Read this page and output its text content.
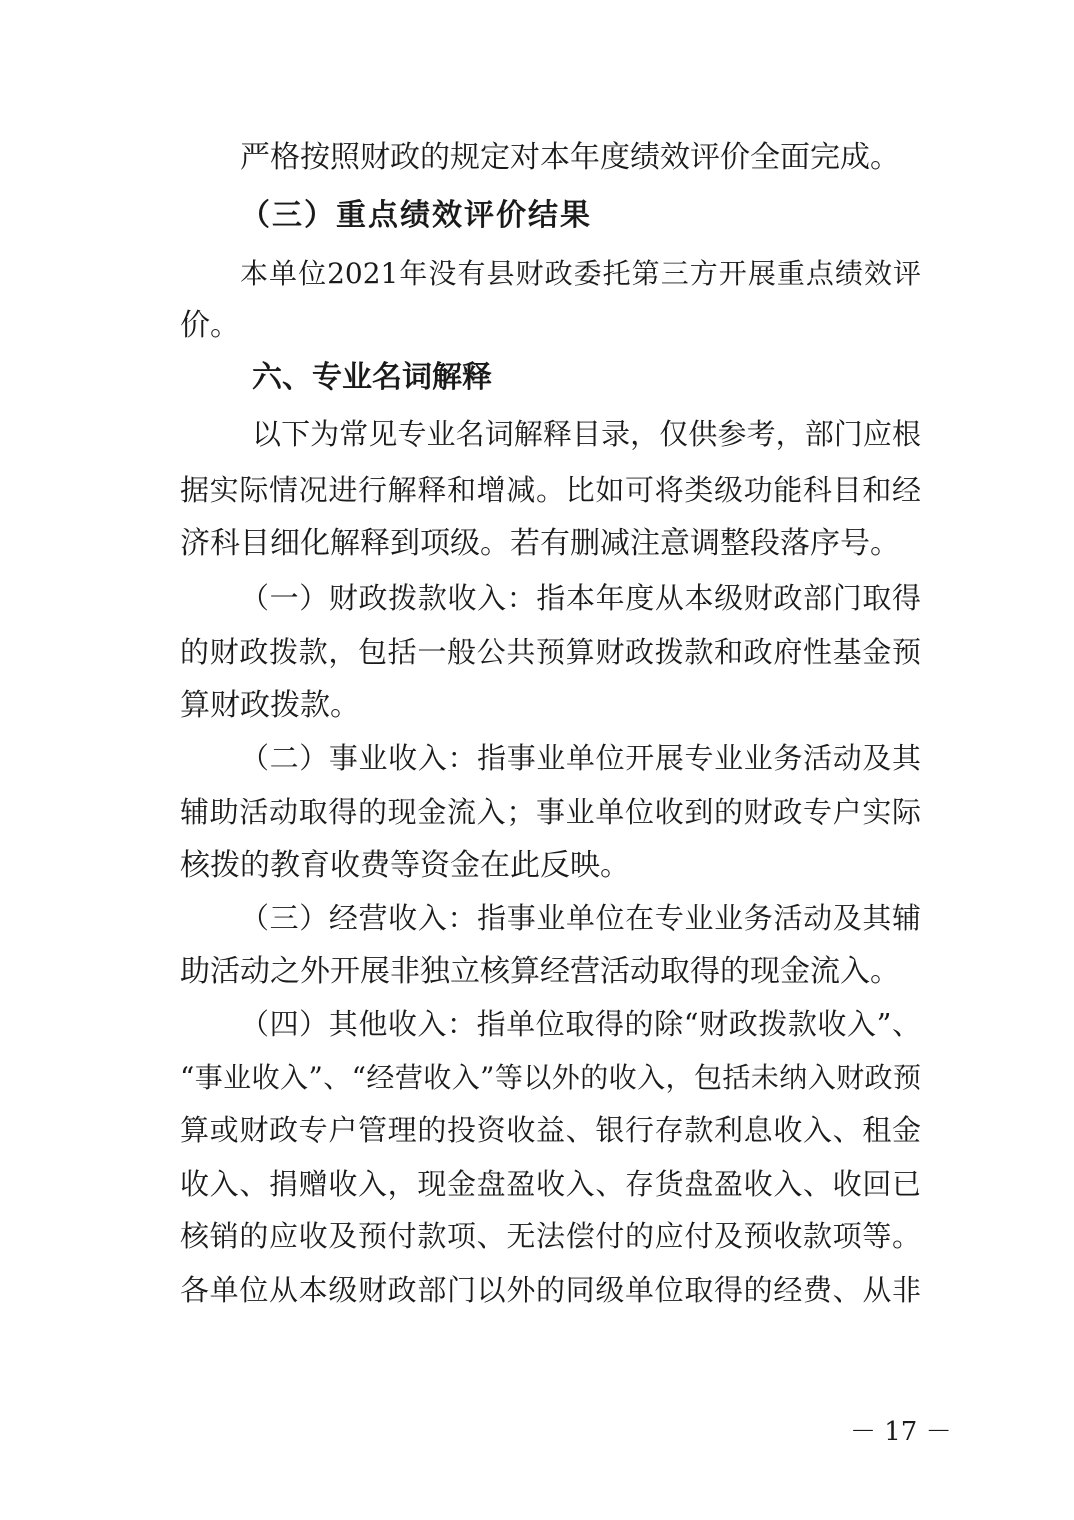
严格按照财政的规定对本年度绩效评价全面完成。

（三）重点绩效评价结果

本单位2021年没有县财政委托第三方开展重点绩效评

价。

六、专业名词解释

以下为常见专业名词解释目录，仅供参考，部门应根

据实际情况进行解释和增减。比如可将类级功能科目和经

济科目细化解释到项级。若有删减注意调整段落序号。

（一）财政拨款收入：指本年度从本级财政部门取得

的财政拨款，包括一般公共预算财政拨款和政府性基金预

算财政拨款。

（二）事业收入：指事业单位开展专业业务活动及其

辅助活动取得的现金流入；事业单位收到的财政专户实际

核拨的教育收费等资金在此反映。

（三）经营收入：指事业单位在专业业务活动及其辅

助活动之外开展非独立核算经营活动取得的现金流入。

（四）其他收入：指单位取得的除“财政拨款收入”、

“事业收入”、“经营收入”等以外的收入，包括未纳入财政预

算或财政专户管理的投资收益、银行存款利息收入、租金

收入、捐赠收入，现金盘盈收入、存货盘盈收入、收回已

核销的应收及预付款项、无法偿付的应付及预收款项等。

各单位从本级财政部门以外的同级单位取得的经费、从非

－ 17 －
